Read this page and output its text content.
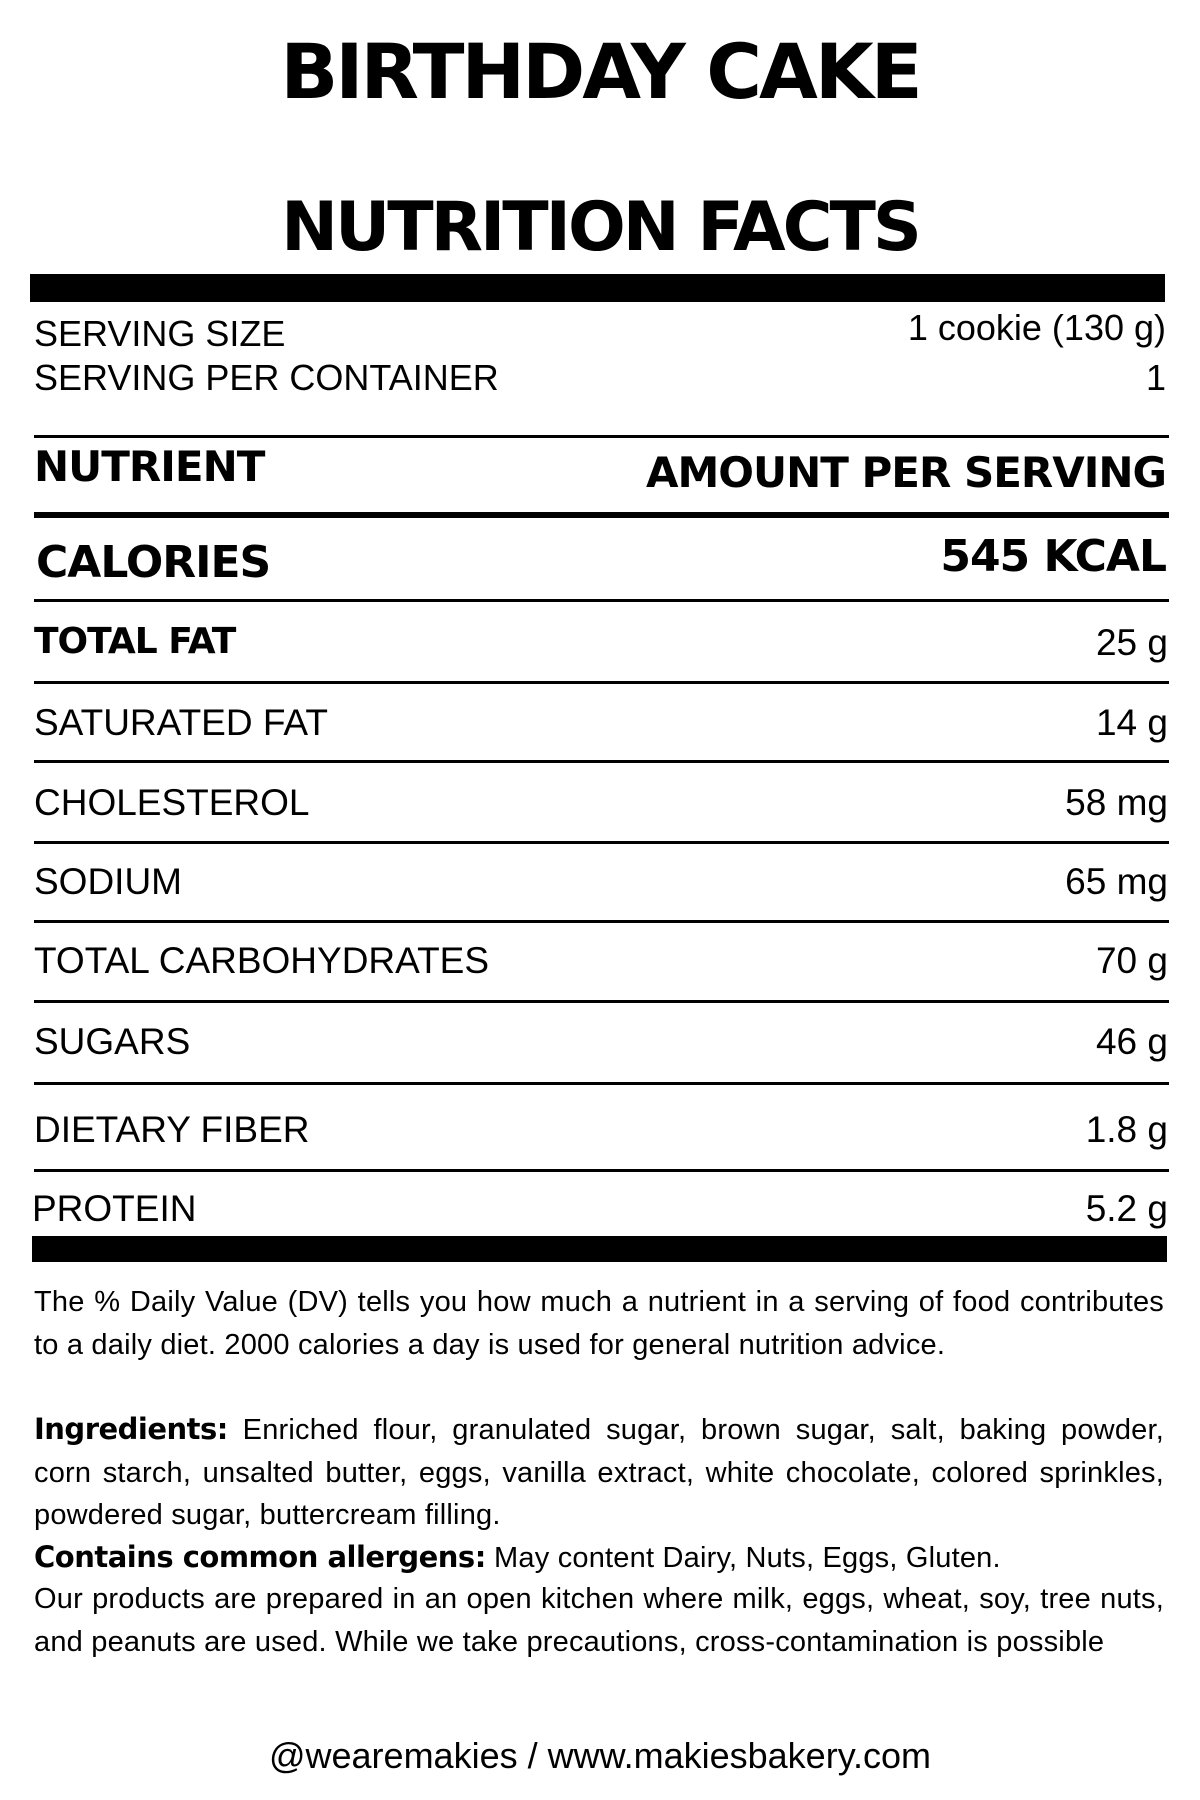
BIRTHDAY CAKE
NUTRITION FACTS
SERVING SIZE	1 cookie (130 g)
SERVING PER CONTAINER	1
NUTRIENT	AMOUNT PER SERVING
CALORIES	545 KCAL
TOTAL FAT	25 g
SATURATED FAT	14 g
CHOLESTEROL	58 mg
SODIUM	65 mg
TOTAL CARBOHYDRATES	70 g
SUGARS	46 g
DIETARY FIBER	1.8 g
PROTEIN	5.2 g
The % Daily Value (DV) tells you how much a nutrient in a serving of food contributes to a daily diet. 2000 calories a day is used for general nutrition advice.
Ingredients: Enriched flour, granulated sugar, brown sugar, salt, baking powder, corn starch, unsalted butter, eggs, vanilla extract, white chocolate, colored sprinkles, powdered sugar, buttercream filling.
Contains common allergens: May content Dairy, Nuts, Eggs, Gluten.
Our products are prepared in an open kitchen where milk, eggs, wheat, soy, tree nuts, and peanuts are used. While we take precautions, cross-contamination is possible
@wearemakies / www.makiesbakery.com
